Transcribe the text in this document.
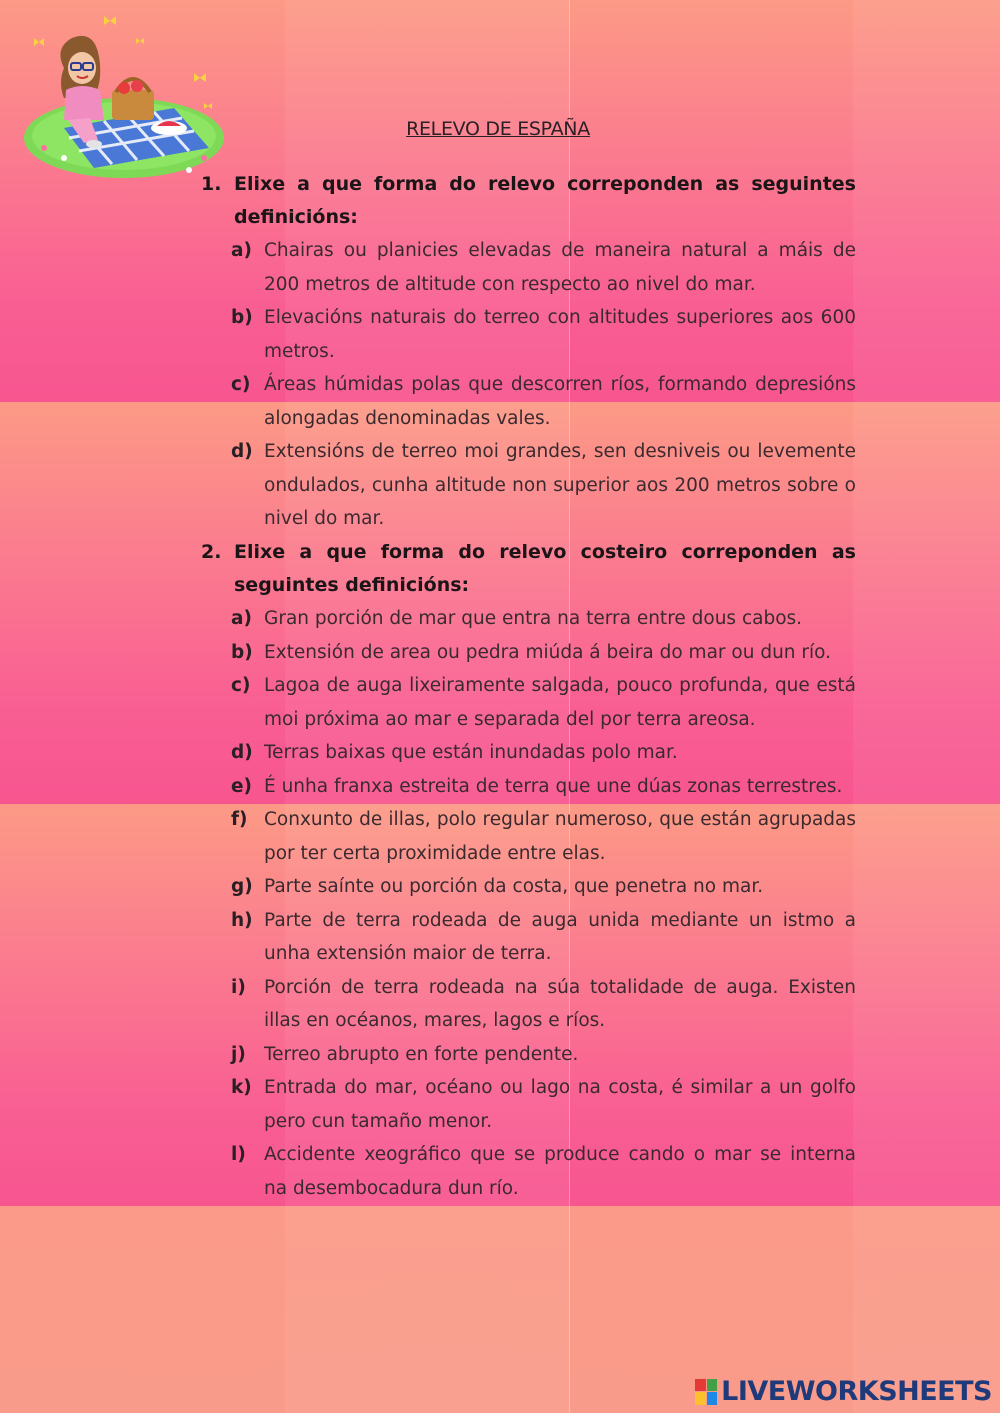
RELEVO DE ESPAÑA
1. Elixe a que forma do relevo correponden as seguintes definicións:
a) Chairas ou planicies elevadas de maneira natural a máis de 200 metros de altitude con respecto ao nivel do mar.
b) Elevacións naturais do terreo con altitudes superiores aos 600 metros.
c) Áreas húmidas polas que descorren ríos, formando depresións alongadas denominadas vales.
d) Extensións de terreo moi grandes, sen desniveis ou levemente ondulados, cunha altitude non superior aos 200 metros sobre o nivel do mar.
2. Elixe a que forma do relevo costeiro correponden as seguintes definicións:
a) Gran porción de mar que entra na terra entre dous cabos.
b) Extensión de area ou pedra miúda á beira do mar ou dun río.
c) Lagoa de auga lixeiramente salgada, pouco profunda, que está moi próxima ao mar e separada del por terra areosa.
d) Terras baixas que están inundadas polo mar.
e) É unha franxa estreita de terra que une dúas zonas terrestres.
f) Conxunto de illas, polo regular numeroso, que están agrupadas por ter certa proximidade entre elas.
g) Parte saínte ou porción da costa, que penetra no mar.
h) Parte de terra rodeada de auga unida mediante un istmo a unha extensión maior de terra.
i) Porción de terra rodeada na súa totalidade de auga. Existen illas en océanos, mares, lagos e ríos.
j) Terreo abrupto en forte pendente.
k) Entrada do mar, océano ou lago na costa, é similar a un golfo pero cun tamaño menor.
l) Accidente xeográfico que se produce cando o mar se interna na desembocadura dun río.
LIVEWORKSHEETS
